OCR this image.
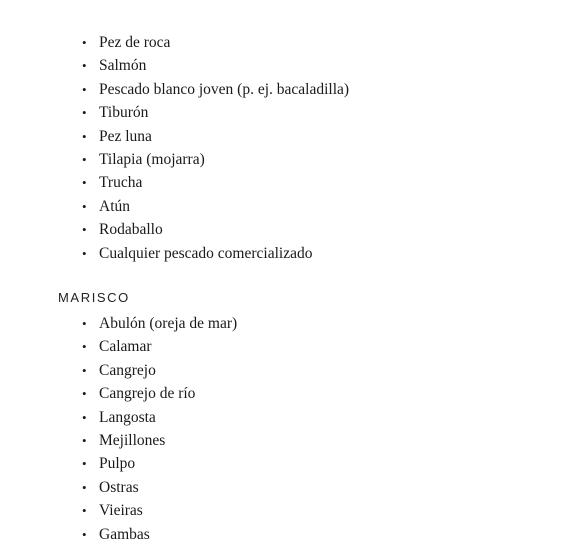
• Pez de roca
• Salmón
• Pescado blanco joven (p. ej. bacaladilla)
• Tiburón
• Pez luna
• Tilapia (mojarra)
• Trucha
• Atún
• Rodaballo
• Cualquier pescado comercializado
MARISCO
• Abulón (oreja de mar)
• Calamar
• Cangrejo
• Cangrejo de río
• Langosta
• Mejillones
• Pulpo
• Ostras
• Vieiras
• Gambas
